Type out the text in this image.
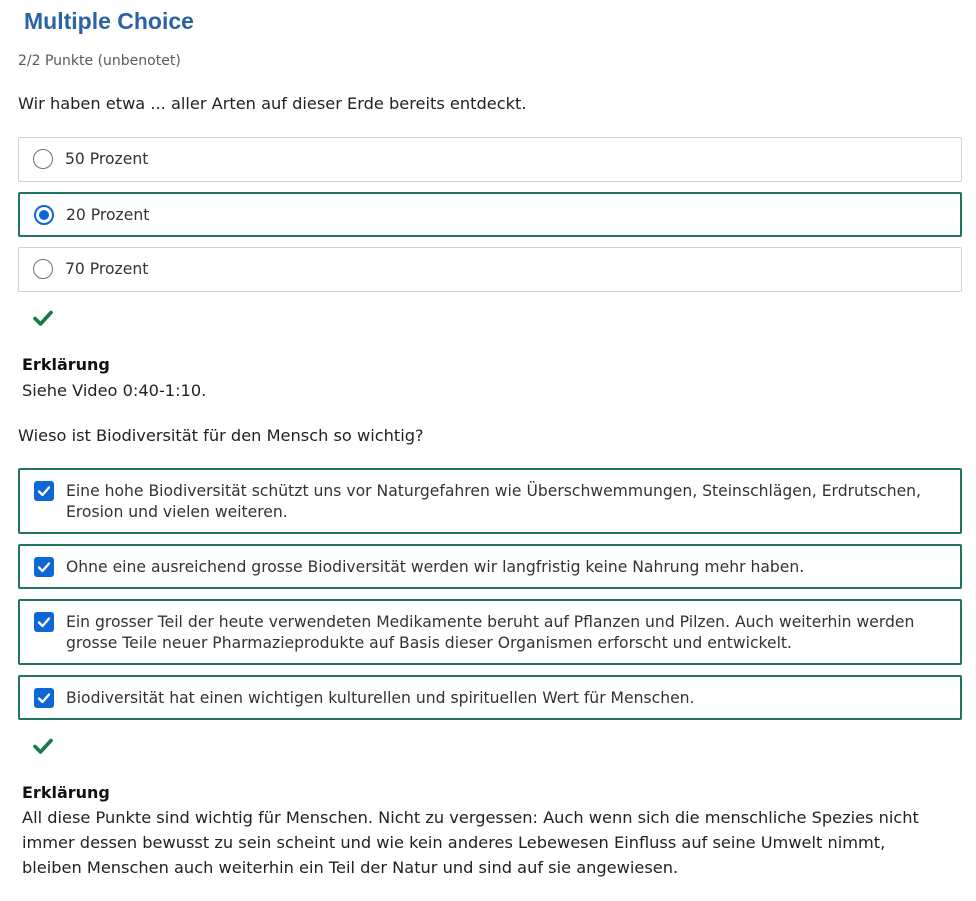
Multiple Choice
2/2 Punkte (unbenotet)
Wir haben etwa ... aller Arten auf dieser Erde bereits entdeckt.
50 Prozent
20 Prozent
70 Prozent
Erklärung
Siehe Video 0:40-1:10.
Wieso ist Biodiversität für den Mensch so wichtig?
Eine hohe Biodiversität schützt uns vor Naturgefahren wie Überschwemmungen, Steinschlägen, Erdrutschen, Erosion und vielen weiteren.
Ohne eine ausreichend grosse Biodiversität werden wir langfristig keine Nahrung mehr haben.
Ein grosser Teil der heute verwendeten Medikamente beruht auf Pflanzen und Pilzen. Auch weiterhin werden grosse Teile neuer Pharmazieprodukte auf Basis dieser Organismen erforscht und entwickelt.
Biodiversität hat einen wichtigen kulturellen und spirituellen Wert für Menschen.
Erklärung
All diese Punkte sind wichtig für Menschen. Nicht zu vergessen: Auch wenn sich die menschliche Spezies nicht immer dessen bewusst zu sein scheint und wie kein anderes Lebewesen Einfluss auf seine Umwelt nimmt, bleiben Menschen auch weiterhin ein Teil der Natur und sind auf sie angewiesen.
